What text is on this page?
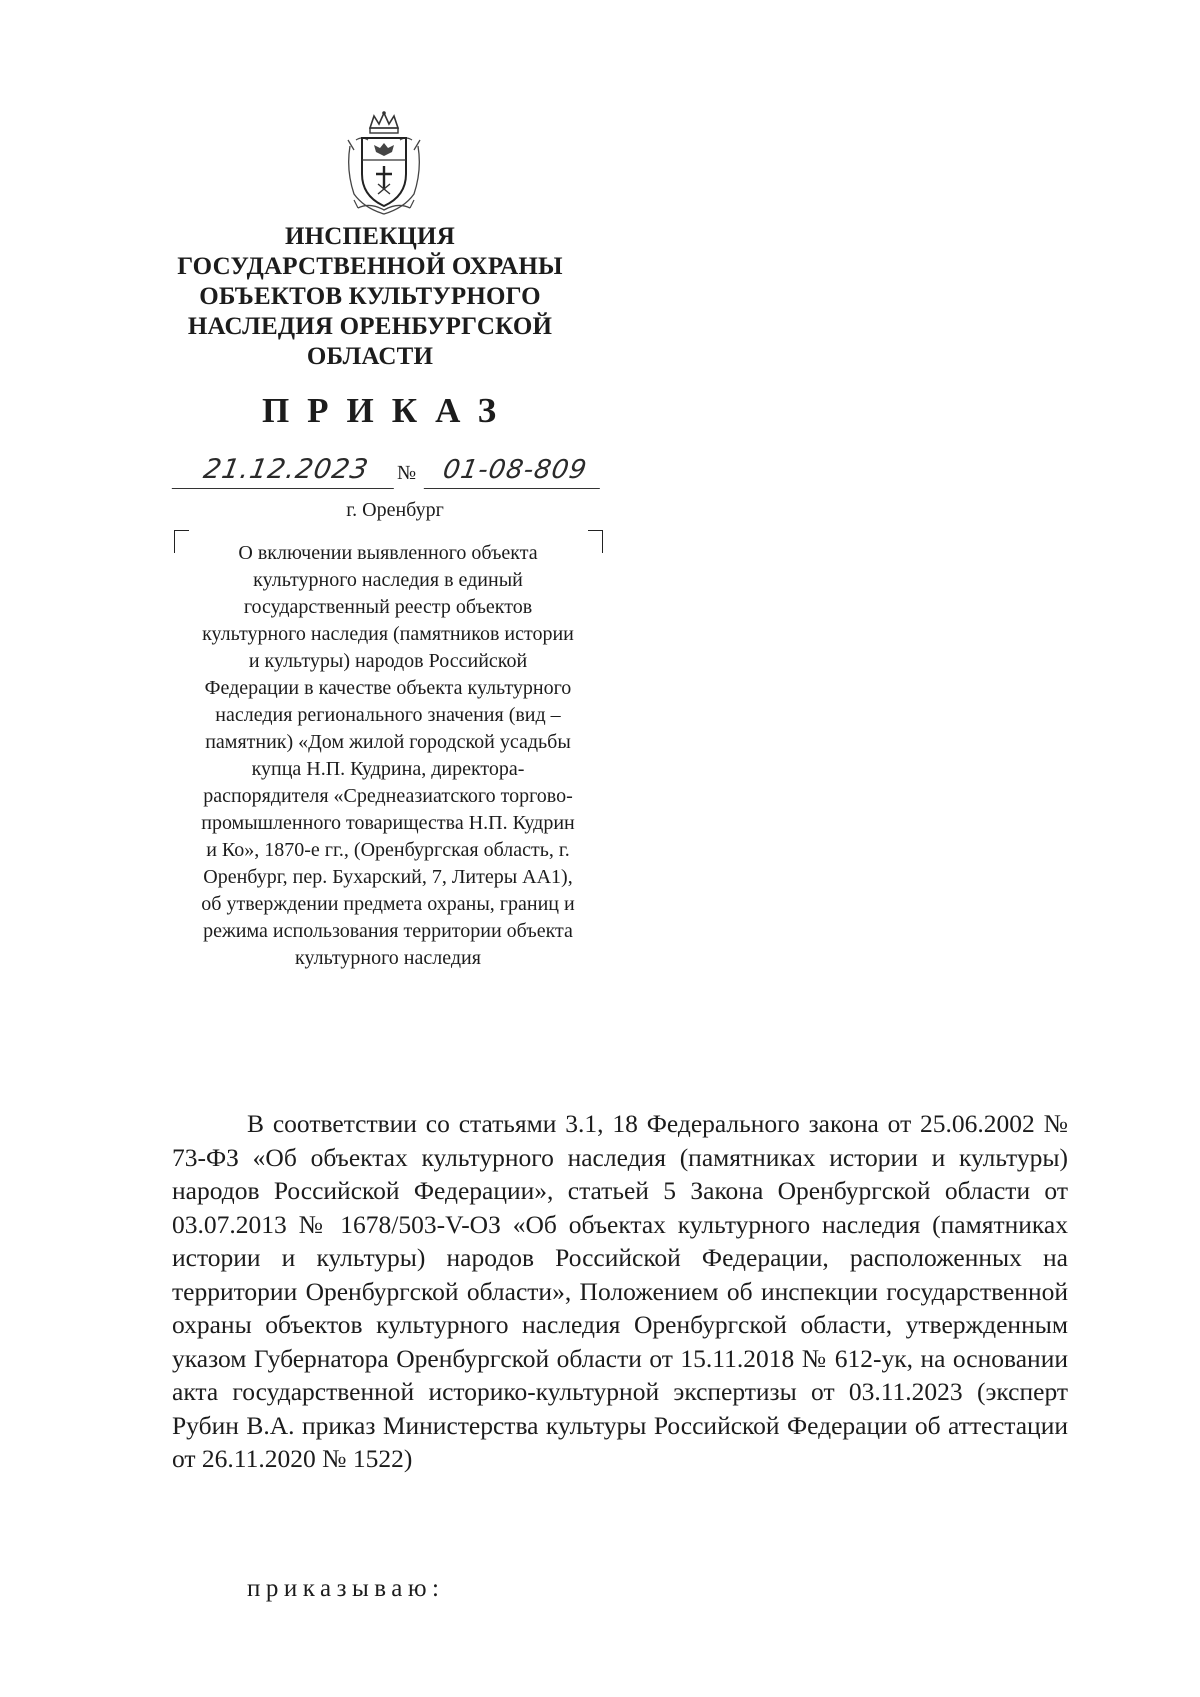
ИНСПЕКЦИЯ
ГОСУДАРСТВЕННОЙ ОХРАНЫ
ОБЪЕКТОВ КУЛЬТУРНОГО
НАСЛЕДИЯ ОРЕНБУРГСКОЙ
ОБЛАСТИ
ПРИКАЗ
21.12.2023	№ 01-08-809

г. Оренбург

О включении выявленного объекта культурного наследия в единый государственный реестр объектов культурного наследия (памятников истории и культуры) народов Российской Федерации в качестве объекта культурного наследия регионального значения (вид – памятник) «Дом жилой городской усадьбы купца Н.П. Кудрина, директора-распорядителя «Среднеазиатского торгово-промышленного товарищества Н.П. Кудрин и Ко», 1870-е гг., (Оренбургская область, г. Оренбург, пер. Бухарский, 7, Литеры АА1), об утверждении предмета охраны, границ и режима использования территории объекта культурного наследия

В соответствии со статьями 3.1, 18 Федерального закона от 25.06.2002 № 73-ФЗ «Об объектах культурного наследия (памятниках истории и культуры) народов Российской Федерации», статьей 5 Закона Оренбургской области от 03.07.2013 № 1678/503-V-ОЗ «Об объектах культурного наследия (памятниках истории и культуры) народов Российской Федерации, расположенных на территории Оренбургской области», Положением об инспекции государственной охраны объектов культурного наследия Оренбургской области, утвержденным указом Губернатора Оренбургской области от 15.11.2018 № 612-ук, на основании акта государственной историко-культурной экспертизы от 03.11.2023 (эксперт Рубин В.А. приказ Министерства культуры Российской Федерации об аттестации от 26.11.2020 № 1522)

приказываю:
